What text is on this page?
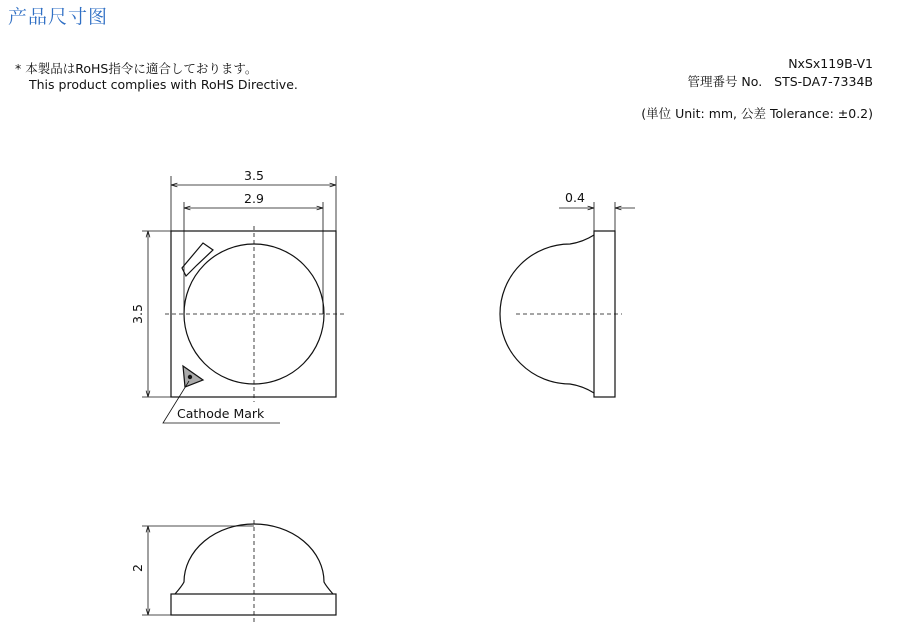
产品尺寸图
* 本製品はRoHS指令に適合しております。
This product complies with RoHS Directive.
NxSx119B-V1
管理番号 No. STS-DA7-7334B
(単位 Unit: mm, 公差 Tolerance: ±0.2)
3.5
2.9
3.5
Cathode Mark
0.4
2
